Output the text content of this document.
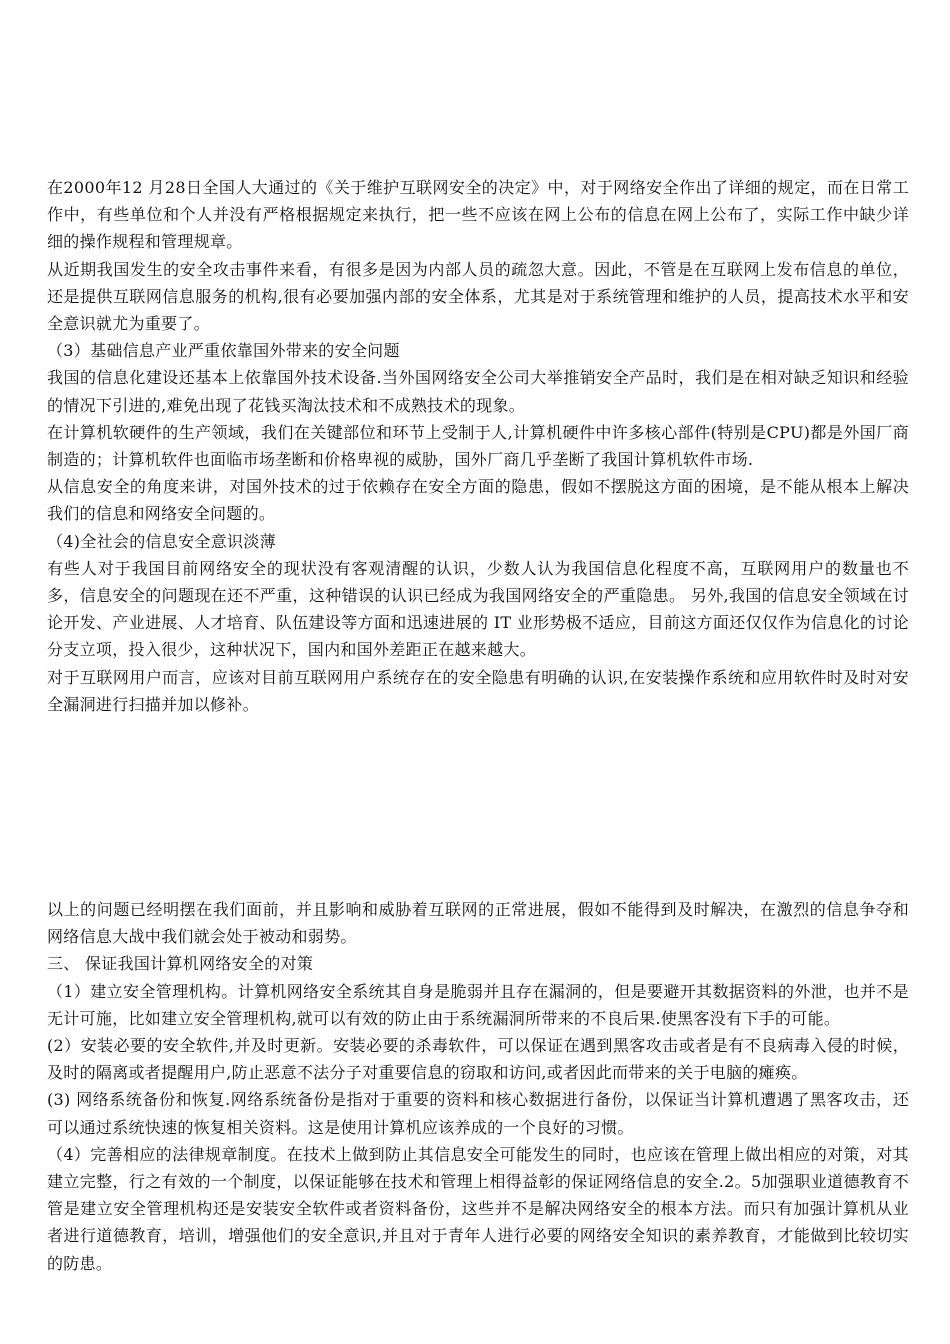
在2000年12 月28日全国人大通过的《关于维护互联网安全的决定》中，对于网络安全作出了详细的规定，而在日常工作中，有些单位和个人并没有严格根据规定来执行，把一些不应该在网上公布的信息在网上公布了，实际工作中缺少详细的操作规程和管理规章。

从近期我国发生的安全攻击事件来看，有很多是因为内部人员的疏忽大意。因此，不管是在互联网上发布信息的单位，还是提供互联网信息服务的机构,很有必要加强内部的安全体系，尤其是对于系统管理和维护的人员，提高技术水平和安全意识就尤为重要了。

（3）基础信息产业严重依靠国外带来的安全问题

我国的信息化建设还基本上依靠国外技术设备.当外国网络安全公司大举推销安全产品时，我们是在相对缺乏知识和经验的情况下引进的,难免出现了花钱买淘汰技术和不成熟技术的现象。

在计算机软硬件的生产领域，我们在关键部位和环节上受制于人,计算机硬件中许多核心部件(特别是CPU)都是外国厂商制造的；计算机软件也面临市场垄断和价格卑视的威胁，国外厂商几乎垄断了我国计算机软件市场.

从信息安全的角度来讲，对国外技术的过于依赖存在安全方面的隐患，假如不摆脱这方面的困境，是不能从根本上解决我们的信息和网络安全问题的。

（4)全社会的信息安全意识淡薄

有些人对于我国目前网络安全的现状没有客观清醒的认识，少数人认为我国信息化程度不高，互联网用户的数量也不多，信息安全的问题现在还不严重，这种错误的认识已经成为我国网络安全的严重隐患。 另外,我国的信息安全领域在讨论开发、产业进展、人才培育、队伍建设等方面和迅速进展的 IT 业形势极不适应，目前这方面还仅仅作为信息化的讨论分支立项，投入很少，这种状况下，国内和国外差距正在越来越大。

对于互联网用户而言，应该对目前互联网用户系统存在的安全隐患有明确的认识,在安装操作系统和应用软件时及时对安全漏洞进行扫描并加以修补。

以上的问题已经明摆在我们面前，并且影响和威胁着互联网的正常进展，假如不能得到及时解决，在激烈的信息争夺和网络信息大战中我们就会处于被动和弱势。

三、 保证我国计算机网络安全的对策

（1）建立安全管理机构。计算机网络安全系统其自身是脆弱并且存在漏洞的，但是要避开其数据资料的外泄，也并不是无计可施，比如建立安全管理机构,就可以有效的防止由于系统漏洞所带来的不良后果.使黑客没有下手的可能。

(2）安装必要的安全软件,并及时更新。安装必要的杀毒软件，可以保证在遇到黑客攻击或者是有不良病毒入侵的时候，及时的隔离或者提醒用户,防止恶意不法分子对重要信息的窃取和访问,或者因此而带来的关于电脑的瘫痪。

(3) 网络系统备份和恢复.网络系统备份是指对于重要的资料和核心数据进行备份，以保证当计算机遭遇了黑客攻击，还可以通过系统快速的恢复相关资料。这是使用计算机应该养成的一个良好的习惯。

（4）完善相应的法律规章制度。在技术上做到防止其信息安全可能发生的同时，也应该在管理上做出相应的对策，对其建立完整，行之有效的一个制度，以保证能够在技术和管理上相得益彰的保证网络信息的安全.2。5加强职业道德教育不管是建立安全管理机构还是安装安全软件或者资料备份，这些并不是解决网络安全的根本方法。而只有加强计算机从业者进行道德教育，培训，增强他们的安全意识,并且对于青年人进行必要的网络安全知识的素养教育，才能做到比较切实的防患。
